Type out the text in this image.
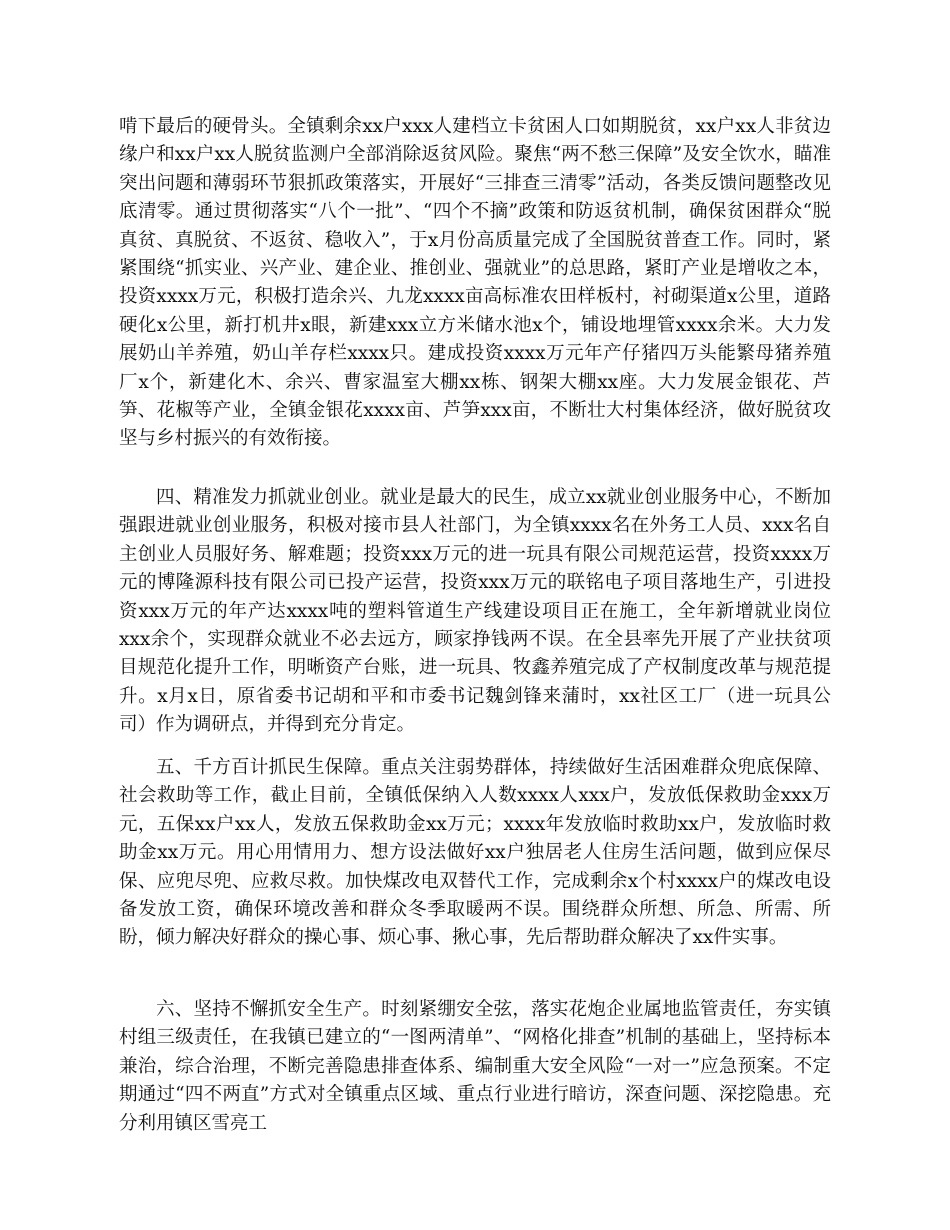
啃下最后的硬骨头。全镇剩余xx户xxx人建档立卡贫困人口如期脱贫，xx户xx人非贫边缘户和xx户xx人脱贫监测户全部消除返贫风险。聚焦“两不愁三保障”及安全饮水，瞄准突出问题和薄弱环节狠抓政策落实，开展好“三排查三清零”活动，各类反馈问题整改见底清零。通过贯彻落实“八个一批”、“四个不摘”政策和防返贫机制，确保贫困群众“脱真贫、真脱贫、不返贫、稳收入”，于x月份高质量完成了全国脱贫普查工作。同时，紧紧围绕“抓实业、兴产业、建企业、推创业、强就业”的总思路，紧盯产业是增收之本，投资xxxx万元，积极打造余兴、九龙xxxx亩高标准农田样板村，衬砌渠道x公里，道路硬化x公里，新打机井x眼，新建xxx立方米储水池x个，铺设地埋管xxxx余米。大力发展奶山羊养殖，奶山羊存栏xxxx只。建成投资xxxx万元年产仔猪四万头能繁母猪养殖厂x个，新建化木、余兴、曹家温室大棚xx栋、钢架大棚xx座。大力发展金银花、芦笋、花椒等产业，全镇金银花xxxx亩、芦笋xxx亩，不断壮大村集体经济，做好脱贫攻坚与乡村振兴的有效衔接。

四、精准发力抓就业创业。就业是最大的民生，成立xx就业创业服务中心，不断加强跟进就业创业服务，积极对接市县人社部门，为全镇xxxx名在外务工人员、xxx名自主创业人员服好务、解难题；投资xxx万元的进一玩具有限公司规范运营，投资xxxx万元的博隆源科技有限公司已投产运营，投资xxx万元的联铭电子项目落地生产，引进投资xxx万元的年产达xxxx吨的塑料管道生产线建设项目正在施工，全年新增就业岗位xxx余个，实现群众就业不必去远方，顾家挣钱两不误。在全县率先开展了产业扶贫项目规范化提升工作，明晰资产台账，进一玩具、牧鑫养殖完成了产权制度改革与规范提升。x月x日，原省委书记胡和平和市委书记魏剑锋来蒲时，xx社区工厂（进一玩具公司）作为调研点，并得到充分肯定。

五、千方百计抓民生保障。重点关注弱势群体，持续做好生活困难群众兜底保障、社会救助等工作，截止目前，全镇低保纳入人数xxxx人xxx户，发放低保救助金xxx万元，五保xx户xx人，发放五保救助金xx万元；xxxx年发放临时救助xx户，发放临时救助金xx万元。用心用情用力、想方设法做好xx户独居老人住房生活问题，做到应保尽保、应兜尽兜、应救尽救。加快煤改电双替代工作，完成剩余x个村xxxx户的煤改电设备发放工资，确保环境改善和群众冬季取暖两不误。围绕群众所想、所急、所需、所盼，倾力解决好群众的操心事、烦心事、揪心事，先后帮助群众解决了xx件实事。

六、坚持不懈抓安全生产。时刻紧绷安全弦，落实花炮企业属地监管责任，夯实镇村组三级责任，在我镇已建立的“一图两清单”、“网格化排查”机制的基础上，坚持标本兼治，综合治理，不断完善隐患排查体系、编制重大安全风险“一对一”应急预案。不定期通过“四不两直”方式对全镇重点区域、重点行业进行暗访，深查问题、深挖隐患。充分利用镇区雪亮工
